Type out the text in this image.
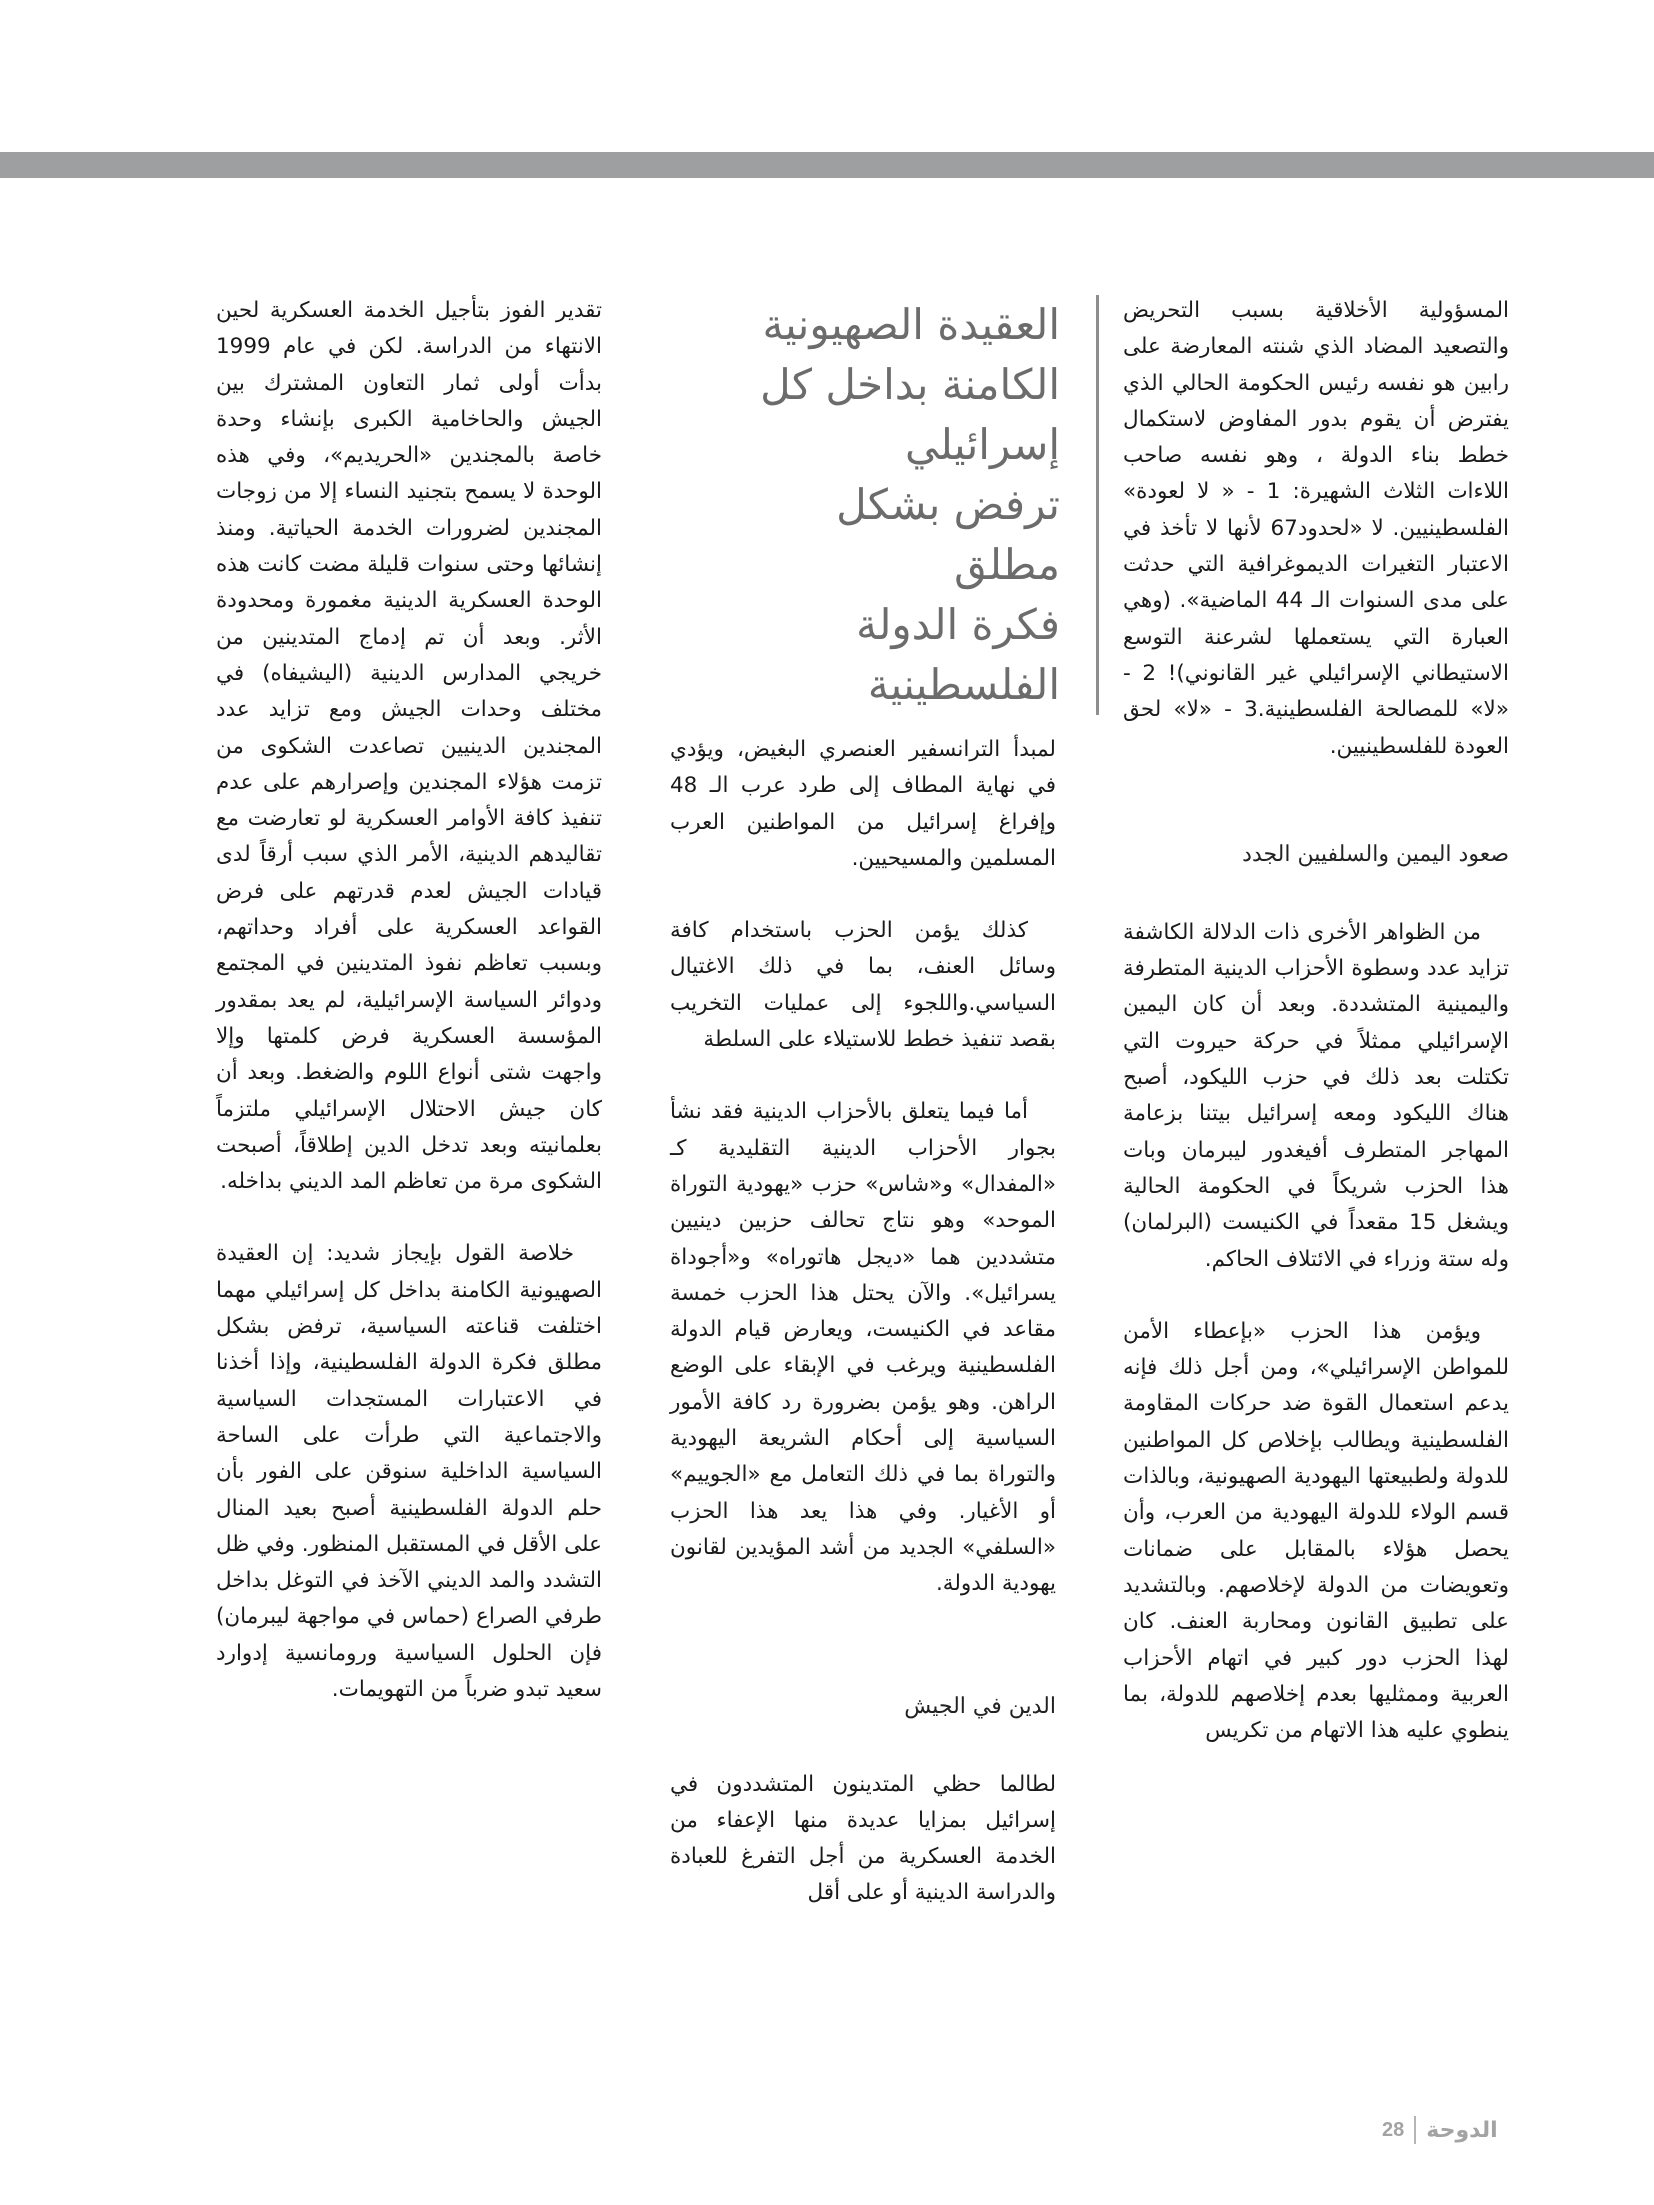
المسؤولية الأخلاقية بسبب التحريض والتصعيد المضاد الذي شنته المعارضة على رابين هو نفسه رئيس الحكومة الحالي الذي يفترض أن يقوم بدور المفاوض لاستكمال خطط بناء الدولة ، وهو نفسه صاحب اللاءات الثلاث الشهيرة: 1 - « لا لعودة» الفلسطينيين. لا «لحدود67 لأنها لا تأخذ في الاعتبار التغيرات الديموغرافية التي حدثت على مدى السنوات الـ 44 الماضية». (وهي العبارة التي يستعملها لشرعنة التوسع الاستيطاني الإسرائيلي غير القانوني)! 2 - «لا» للمصالحة الفلسطينية.3 - «لا» لحق العودة للفلسطينيين.

صعود اليمين والسلفيين الجدد

من الظواهر الأخرى ذات الدلالة الكاشفة تزايد عدد وسطوة الأحزاب الدينية المتطرفة واليمينية المتشددة. وبعد أن كان اليمين الإسرائيلي ممثلاً في حركة حيروت التي تكتلت بعد ذلك في حزب الليكود، أصبح هناك الليكود ومعه إسرائيل بيتنا بزعامة المهاجر المتطرف أفيغدور ليبرمان وبات هذا الحزب شريكاً في الحكومة الحالية ويشغل 15 مقعداً في الكنيست (البرلمان) وله ستة وزراء في الائتلاف الحاكم.

ويؤمن هذا الحزب «بإعطاء الأمن للمواطن الإسرائيلي»، ومن أجل ذلك فإنه يدعم استعمال القوة ضد حركات المقاومة الفلسطينية ويطالب بإخلاص كل المواطنين للدولة ولطبيعتها اليهودية الصهيونية، وبالذات قسم الولاء للدولة اليهودية من العرب، وأن يحصل هؤلاء بالمقابل على ضمانات وتعويضات من الدولة لإخلاصهم. وبالتشديد على تطبيق القانون ومحاربة العنف. كان لهذا الحزب دور كبير في اتهام الأحزاب العربية وممثليها بعدم إخلاصهم للدولة، بما ينطوي عليه هذا الاتهام من تكريس

العقيدة الصهيونية
الكامنة بداخل كل
إسرائيلي
ترفض بشكل
مطلق
فكرة الدولة
الفلسطينية

لمبدأ الترانسفير العنصري البغيض، ويؤدي في نهاية المطاف إلى طرد عرب الـ 48 وإفراغ إسرائيل من المواطنين العرب المسلمين والمسيحيين.

كذلك يؤمن الحزب باستخدام كافة وسائل العنف، بما في ذلك الاغتيال السياسي.واللجوء إلى عمليات التخريب بقصد تنفيذ خطط للاستيلاء على السلطة

أما فيما يتعلق بالأحزاب الدينية فقد نشأ بجوار الأحزاب الدينية التقليدية كـ «المفدال» و«شاس» حزب «يهودية التوراة الموحد» وهو نتاج تحالف حزبين دينيين متشددين هما «ديجل هاتوراه» و«أجوداة يسرائيل». والآن يحتل هذا الحزب خمسة مقاعد في الكنيست، ويعارض قيام الدولة الفلسطينية ويرغب في الإبقاء على الوضع الراهن. وهو يؤمن بضرورة رد كافة الأمور السياسية إلى أحكام الشريعة اليهودية والتوراة بما في ذلك التعامل مع «الجوييم» أو الأغيار. وفي هذا يعد هذا الحزب «السلفي» الجديد من أشد المؤيدين لقانون يهودية الدولة.

الدين في الجيش

لطالما حظي المتدينون المتشددون في إسرائيل بمزايا عديدة منها الإعفاء من الخدمة العسكرية من أجل التفرغ للعبادة والدراسة الدينية أو على أقل

تقدير الفوز بتأجيل الخدمة العسكرية لحين الانتهاء من الدراسة. لكن في عام 1999 بدأت أولى ثمار التعاون المشترك بين الجيش والحاخامية الكبرى بإنشاء وحدة خاصة بالمجندين «الحريديم»، وفي هذه الوحدة لا يسمح بتجنيد النساء إلا من زوجات المجندين لضرورات الخدمة الحياتية. ومنذ إنشائها وحتى سنوات قليلة مضت كانت هذه الوحدة العسكرية الدينية مغمورة ومحدودة الأثر. وبعد أن تم إدماج المتدينين من خريجي المدارس الدينية (اليشيفاه) في مختلف وحدات الجيش ومع تزايد عدد المجندين الدينيين تصاعدت الشكوى من تزمت هؤلاء المجندين وإصرارهم على عدم تنفيذ كافة الأوامر العسكرية لو تعارضت مع تقاليدهم الدينية، الأمر الذي سبب أرقاً لدى قيادات الجيش لعدم قدرتهم على فرض القواعد العسكرية على أفراد وحداتهم، وبسبب تعاظم نفوذ المتدينين في المجتمع ودوائر السياسة الإسرائيلية، لم يعد بمقدور المؤسسة العسكرية فرض كلمتها وإلا واجهت شتى أنواع اللوم والضغط. وبعد أن كان جيش الاحتلال الإسرائيلي ملتزماً بعلمانيته وبعد تدخل الدين إطلاقاً، أصبحت الشكوى مرة من تعاظم المد الديني بداخله.

خلاصة القول بإيجاز شديد: إن العقيدة الصهيونية الكامنة بداخل كل إسرائيلي مهما اختلفت قناعته السياسية، ترفض بشكل مطلق فكرة الدولة الفلسطينية، وإذا أخذنا في الاعتبارات المستجدات السياسية والاجتماعية التي طرأت على الساحة السياسية الداخلية سنوقن على الفور بأن حلم الدولة الفلسطينية أصبح بعيد المنال على الأقل في المستقبل المنظور. وفي ظل التشدد والمد الديني الآخذ في التوغل بداخل طرفي الصراع (حماس في مواجهة ليبرمان) فإن الحلول السياسية ورومانسية إدوارد سعيد تبدو ضرباً من التهويمات.

28 الدوحة
